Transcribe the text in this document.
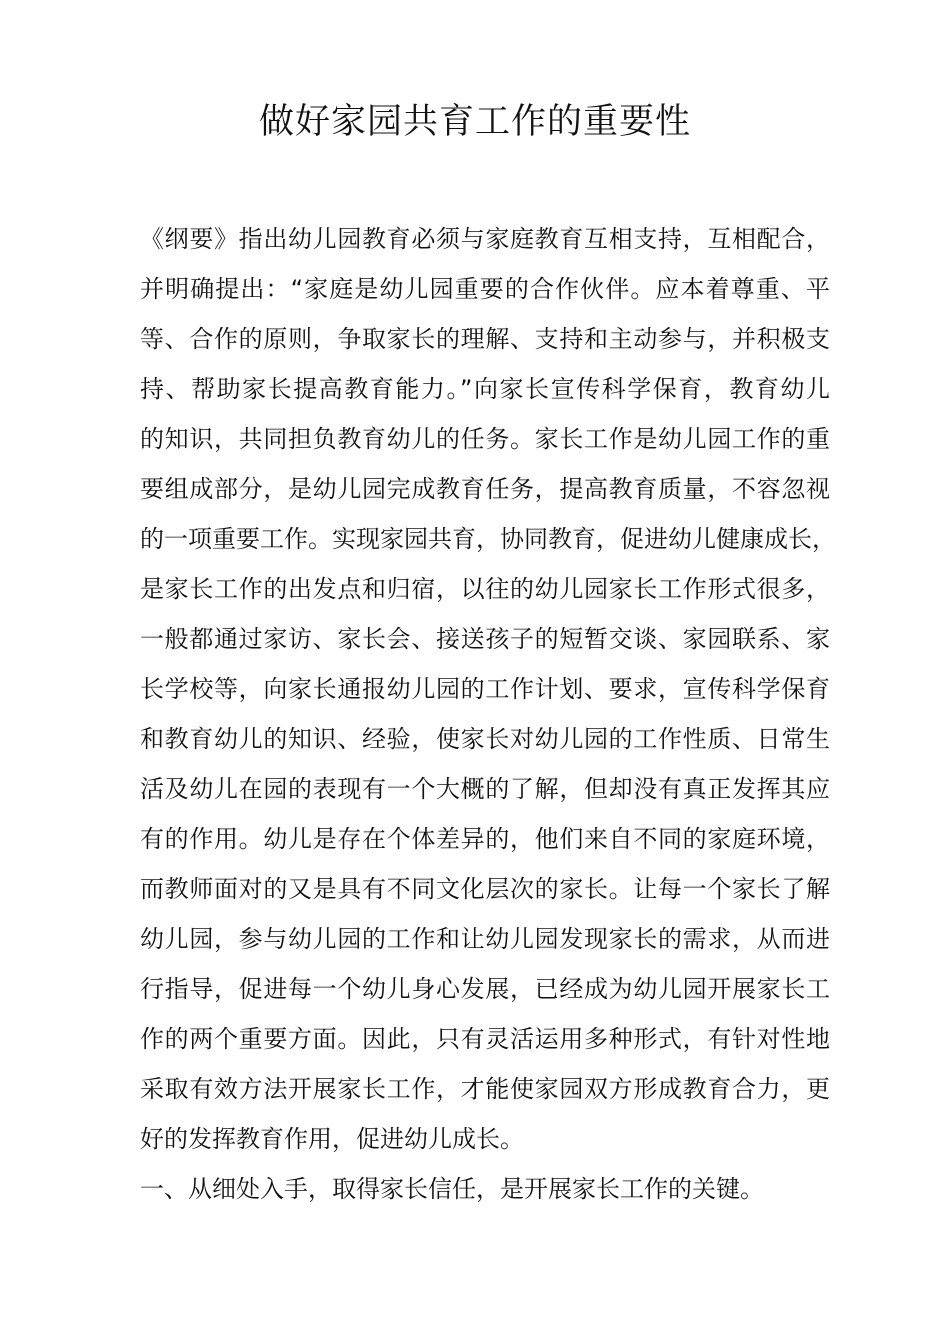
做好家园共育工作的重要性
《纲要》指出幼儿园教育必须与家庭教育互相支持，互相配合，
并明确提出：“家庭是幼儿园重要的合作伙伴。应本着尊重、平
等、合作的原则，争取家长的理解、支持和主动参与，并积极支
持、帮助家长提高教育能力。”向家长宣传科学保育，教育幼儿
的知识，共同担负教育幼儿的任务。家长工作是幼儿园工作的重
要组成部分，是幼儿园完成教育任务，提高教育质量，不容忽视
的一项重要工作。实现家园共育，协同教育，促进幼儿健康成长，
是家长工作的出发点和归宿，以往的幼儿园家长工作形式很多，
一般都通过家访、家长会、接送孩子的短暂交谈、家园联系、家
长学校等，向家长通报幼儿园的工作计划、要求，宣传科学保育
和教育幼儿的知识、经验，使家长对幼儿园的工作性质、日常生
活及幼儿在园的表现有一个大概的了解，但却没有真正发挥其应
有的作用。幼儿是存在个体差异的，他们来自不同的家庭环境，
而教师面对的又是具有不同文化层次的家长。让每一个家长了解
幼儿园，参与幼儿园的工作和让幼儿园发现家长的需求，从而进
行指导，促进每一个幼儿身心发展，已经成为幼儿园开展家长工
作的两个重要方面。因此，只有灵活运用多种形式，有针对性地
采取有效方法开展家长工作，才能使家园双方形成教育合力，更
好的发挥教育作用，促进幼儿成长。
一、从细处入手，取得家长信任，是开展家长工作的关键。
